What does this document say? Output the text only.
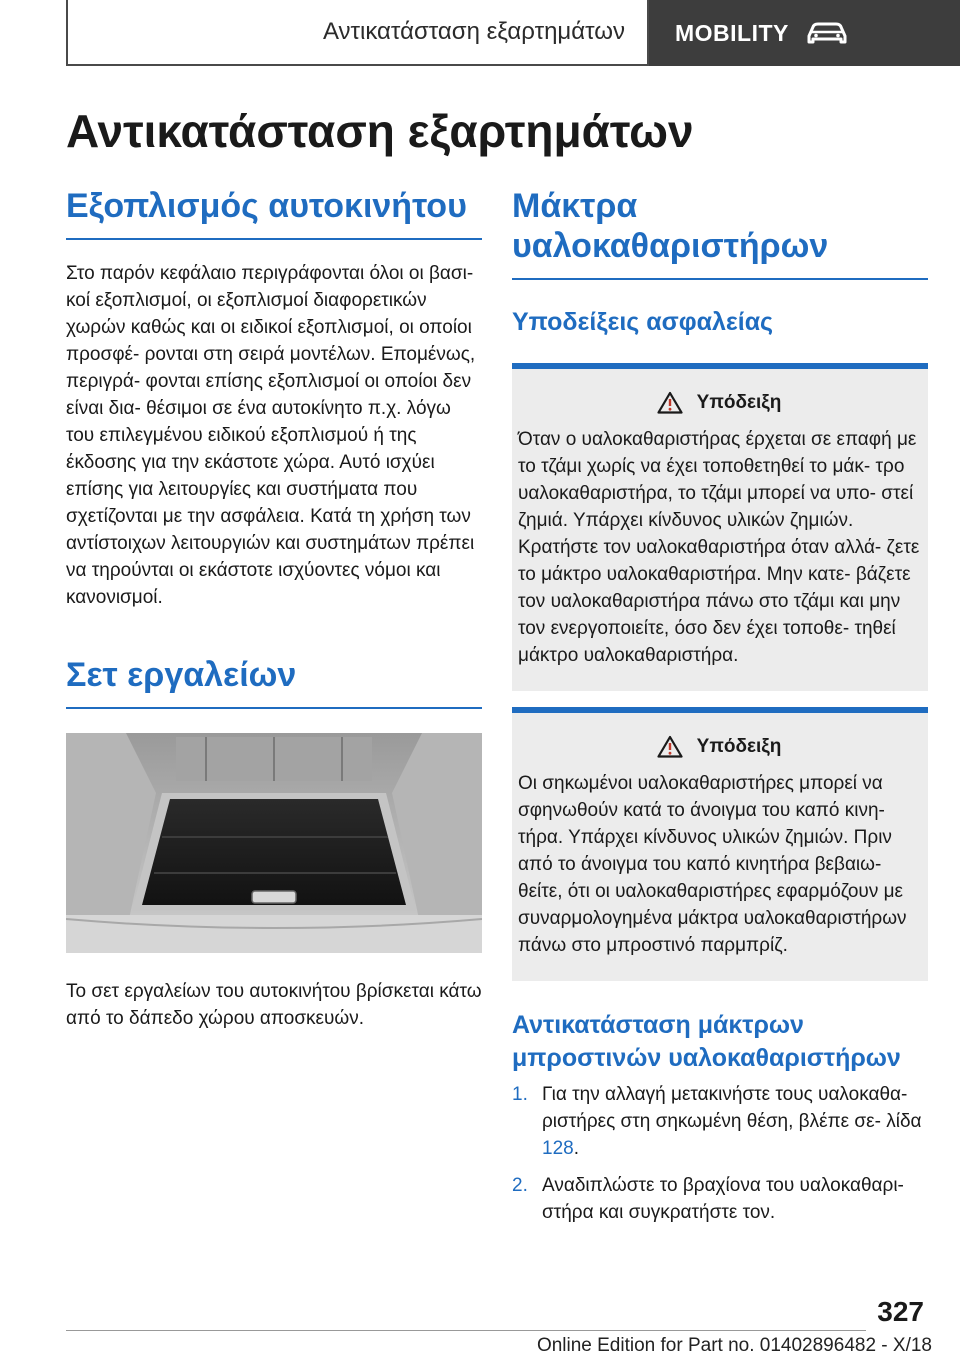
Αντικατάσταση εξαρτημάτων	MOBILITY
Αντικατάσταση εξαρτημάτων
Εξοπλισμός αυτοκινήτου

Στο παρόν κεφάλαιο περιγράφονται όλοι οι βασι- κοί εξοπλισμοί, οι εξοπλισμοί διαφορετικών χωρών καθώς και οι ειδικοί εξοπλισμοί, οι οποίοι προσφέ- ρονται στη σειρά μοντέλων. Επομένως, περιγρά- φονται επίσης εξοπλισμοί οι οποίοι δεν είναι δια- θέσιμοι σε ένα αυτοκίνητο π.χ. λόγω του επιλεγμένου ειδικού εξοπλισμού ή της έκδοσης για την εκάστοτε χώρα. Αυτό ισχύει επίσης για λειτουργίες και συστήματα που σχετίζονται με την ασφάλεια. Κατά τη χρήση των αντίστοιχων λειτουργιών και συστημάτων πρέπει να τηρούνται οι εκάστοτε ισχύοντες νόμοι και κανονισμοί.

Σετ εργαλείων

Το σετ εργαλείων του αυτοκινήτου βρίσκεται κάτω από το δάπεδο χώρου αποσκευών.

Μάκτρα υαλοκαθαριστήρων
Υποδείξεις ασφαλείας
Υπόδειξη

Όταν ο υαλοκαθαριστήρας έρχεται σε επαφή με το τζάμι χωρίς να έχει τοποθετηθεί το μάκ- τρο υαλοκαθαριστήρα, το τζάμι μπορεί να υπο- στεί ζημιά. Υπάρχει κίνδυνος υλικών ζημιών. Κρατήστε τον υαλοκαθαριστήρα όταν αλλά- ζετε το μάκτρο υαλοκαθαριστήρα. Μην κατε- βάζετε τον υαλοκαθαριστήρα πάνω στο τζάμι και μην τον ενεργοποιείτε, όσο δεν έχει τοποθε- τηθεί μάκτρο υαλοκαθαριστήρα.

Υπόδειξη

Οι σηκωμένοι υαλοκαθαριστήρες μπορεί να σφηνωθούν κατά το άνοιγμα του καπό κινη- τήρα. Υπάρχει κίνδυνος υλικών ζημιών. Πριν από το άνοιγμα του καπό κινητήρα βεβαιω- θείτε, ότι οι υαλοκαθαριστήρες εφαρμόζουν με συναρμολογημένα μάκτρα υαλοκαθαριστήρων πάνω στο μπροστινό παρμπρίζ.

Αντικατάσταση μάκτρων μπροστινών υαλοκαθαριστήρων
1. Για την αλλαγή μετακινήστε τους υαλοκαθα- ριστήρες στη σηκωμένη θέση, βλέπε σε- λίδα 128.
2. Αναδιπλώστε το βραχίονα του υαλοκαθαρι- στήρα και συγκρατήστε τον.
327
Online Edition for Part no. 01402896482 - X/18
